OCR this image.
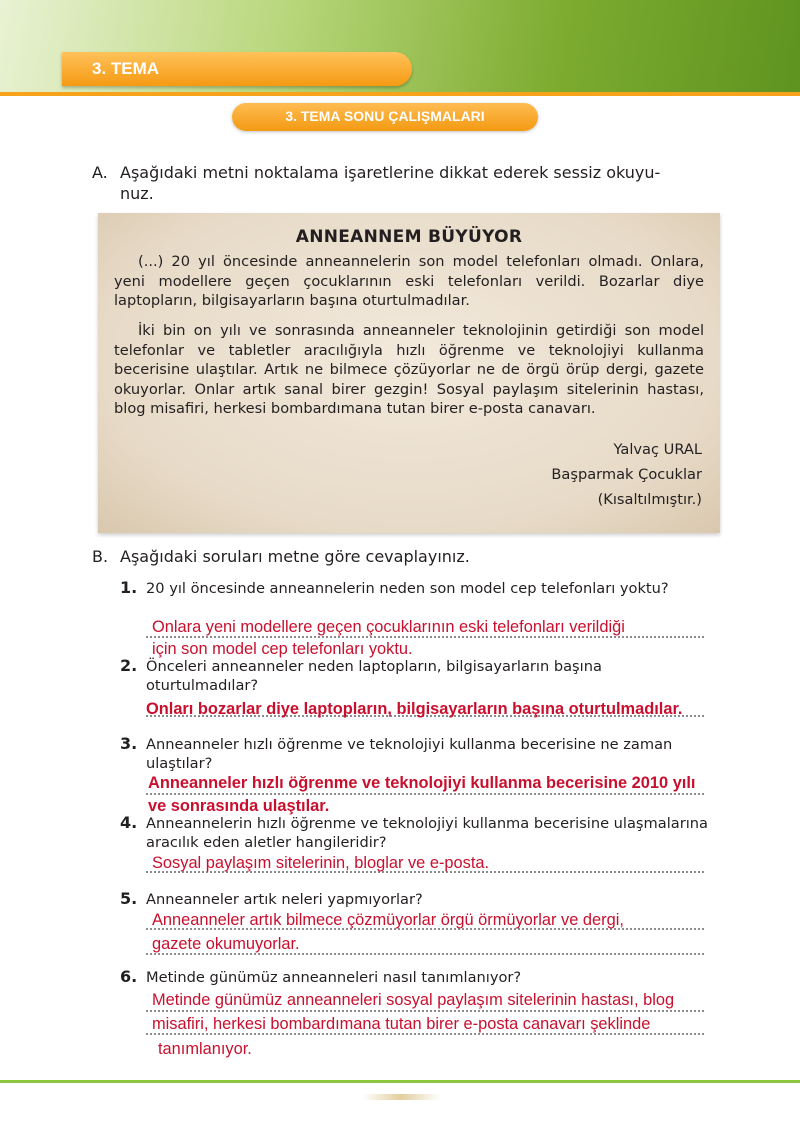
3. TEMA
3. TEMA SONU ÇALIŞMALARI
A. Aşağıdaki metni noktalama işaretlerine dikkat ederek sessiz okuyu-
nuz.
ANNEANNEM BÜYÜYOR

(...) 20 yıl öncesinde anneannelerin son model telefonları olmadı. Onlara, yeni modellere geçen çocuklarının eski telefonları verildi. Bozarlar diye laptopların, bilgisayarların başına oturtulmadılar.

İki bin on yılı ve sonrasında anneanneler teknolojinin getirdiği son model telefonlar ve tabletler aracılığıyla hızlı öğrenme ve teknolojiyi kullanma becerisine ulaştılar. Artık ne bilmece çözüyorlar ne de örgü örüp dergi, gazete okuyorlar. Onlar artık sanal birer gezgin! Sosyal paylaşım sitelerinin hastası, blog misafiri, herkesi bombardımana tutan birer e-posta canavarı.

Yalvaç URAL
Başparmak Çocuklar
(Kısaltılmıştır.)
B. Aşağıdaki soruları metne göre cevaplayınız.
1. 20 yıl öncesinde anneannelerin neden son model cep telefonları yoktu?

Onlara yeni modellere geçen çocuklarının eski telefonları verildiği

için son model cep telefonları yoktu.

2. Önceleri anneanneler neden laptopların, bilgisayarların başına oturtulmadılar?

Onları bozarlar diye laptopların, bilgisayarların başına oturtulmadılar.

3. Anneanneler hızlı öğrenme ve teknolojiyi kullanma becerisine ne zaman ulaştılar?

Anneanneler hızlı öğrenme ve teknolojiyi kullanma becerisine 2010 yılı

ve sonrasında ulaştılar.

4. Anneannelerin hızlı öğrenme ve teknolojiyi kullanma becerisine ulaşmalarına aracılık eden aletler hangileridir?

Sosyal paylaşım sitelerinin, bloglar ve e-posta.

5. Anneanneler artık neleri yapmıyorlar?

Anneanneler artık bilmece çözmüyorlar örgü örmüyorlar ve dergi,

gazete okumuyorlar.

6. Metinde günümüz anneanneleri nasıl tanımlanıyor?

Metinde günümüz anneanneleri sosyal paylaşım sitelerinin hastası, blog

misafiri, herkesi bombardımana tutan birer e-posta canavarı şeklinde

tanımlanıyor.
